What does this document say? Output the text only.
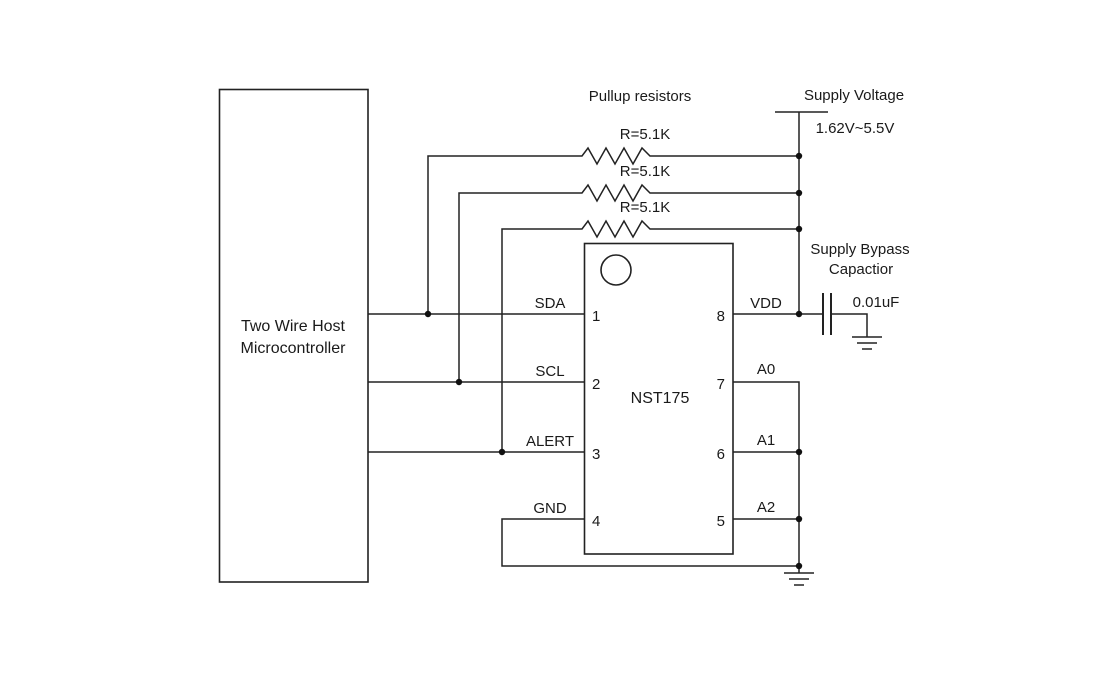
Two Wire Host
Microcontroller
NST175
1
2
3
4
8
7
6
5
SDA
SCL
ALERT
GND
VDD
A0
A1
A2
Pullup resistors
R=5.1K
R=5.1K
R=5.1K
Supply Voltage
1.62V~5.5V
Supply Bypass
Capactior
0.01uF
